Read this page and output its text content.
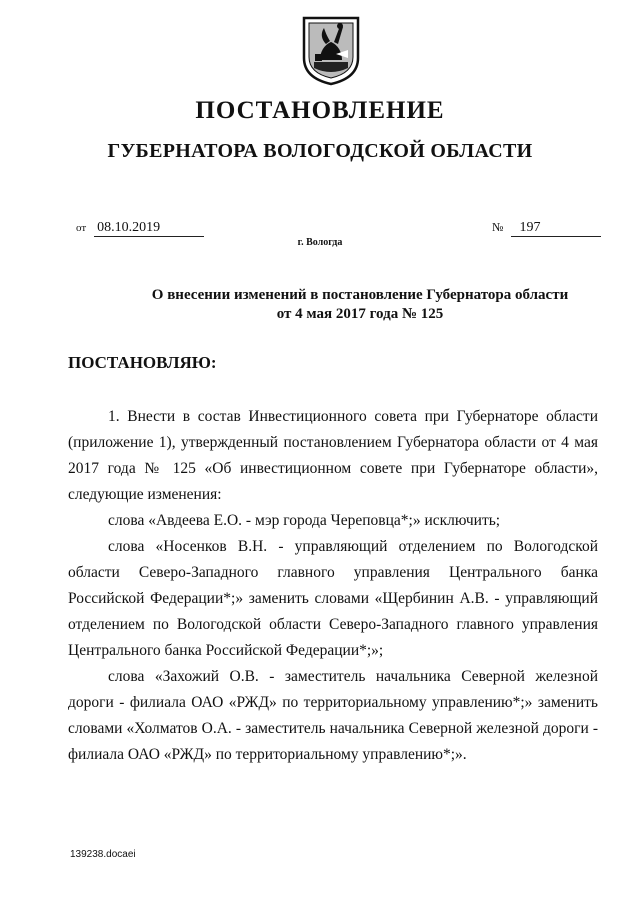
ПОСТАНОВЛЕНИЕ
ГУБЕРНАТОРА ВОЛОГОДСКОЙ ОБЛАСТИ
от 08.10.2019	№ 197
г. Вологда
О внесении изменений в постановление Губернатора области
от 4 мая 2017 года № 125
ПОСТАНОВЛЯЮ:

1. Внести в состав Инвестиционного совета при Губернаторе области (приложение 1), утвержденный постановлением Губернатора области от 4 мая 2017 года № 125 «Об инвестиционном совете при Губернаторе области», следующие изменения:

слова «Авдеева Е.О. - мэр города Череповца*;» исключить;

слова «Носенков В.Н. - управляющий отделением по Вологодской области Северо-Западного главного управления Центрального банка Российской Федерации*;» заменить словами «Щербинин А.В. - управляющий отделением по Вологодской области Северо-Западного главного управления Центрального банка Российской Федерации*;»;

слова «Захожий О.В. - заместитель начальника Северной железной дороги - филиала ОАО «РЖД» по территориальному управлению*;» заменить словами «Холматов О.А. - заместитель начальника Северной железной дороги - филиала ОАО «РЖД» по территориальному управлению*;».

139238.docaei
